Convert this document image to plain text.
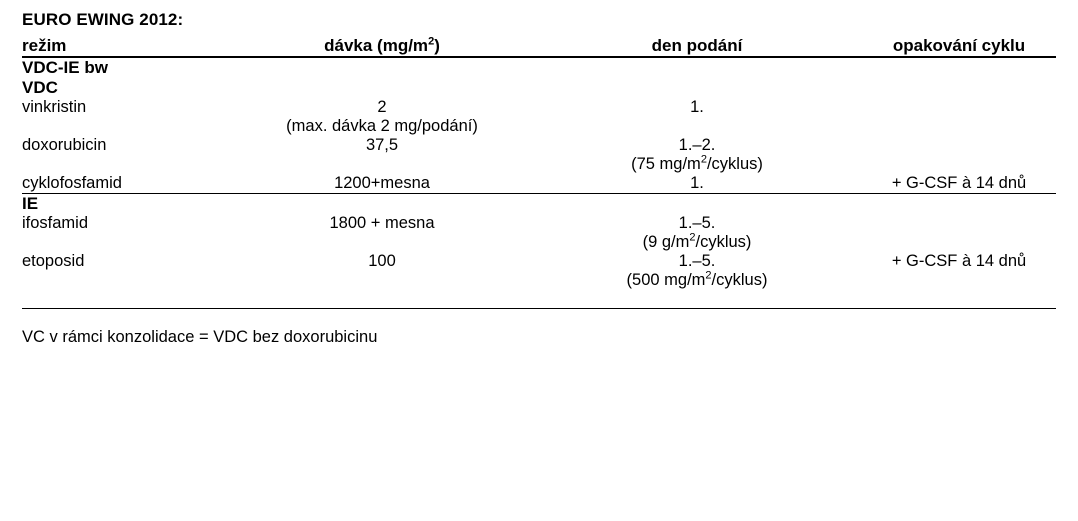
EURO EWING 2012:
režim	dávka $(mg/m^2)$	den podání	opakování cyklu

VDC-IE bw			
VDC			
vinkristin	2	1.	
	(max. dávka 2 mg/podání)		
doxorubicin	37,5	1.–2.	
		(75 $mg/m^2/cyklus$)	
cyklofosfamid	1200+mesna	1.	+ G-CSF à 14 dnů

IE			
ifosfamid	1800 + mesna	1.–5.	
		(9 $g/m^2/cyklus$)	
etoposid	100	1.–5.	+ G-CSF à 14 dnů
		(500 $mg/m^2/cyklus$)	

VC v rámci konzolidace = VDC bez doxorubicinu
